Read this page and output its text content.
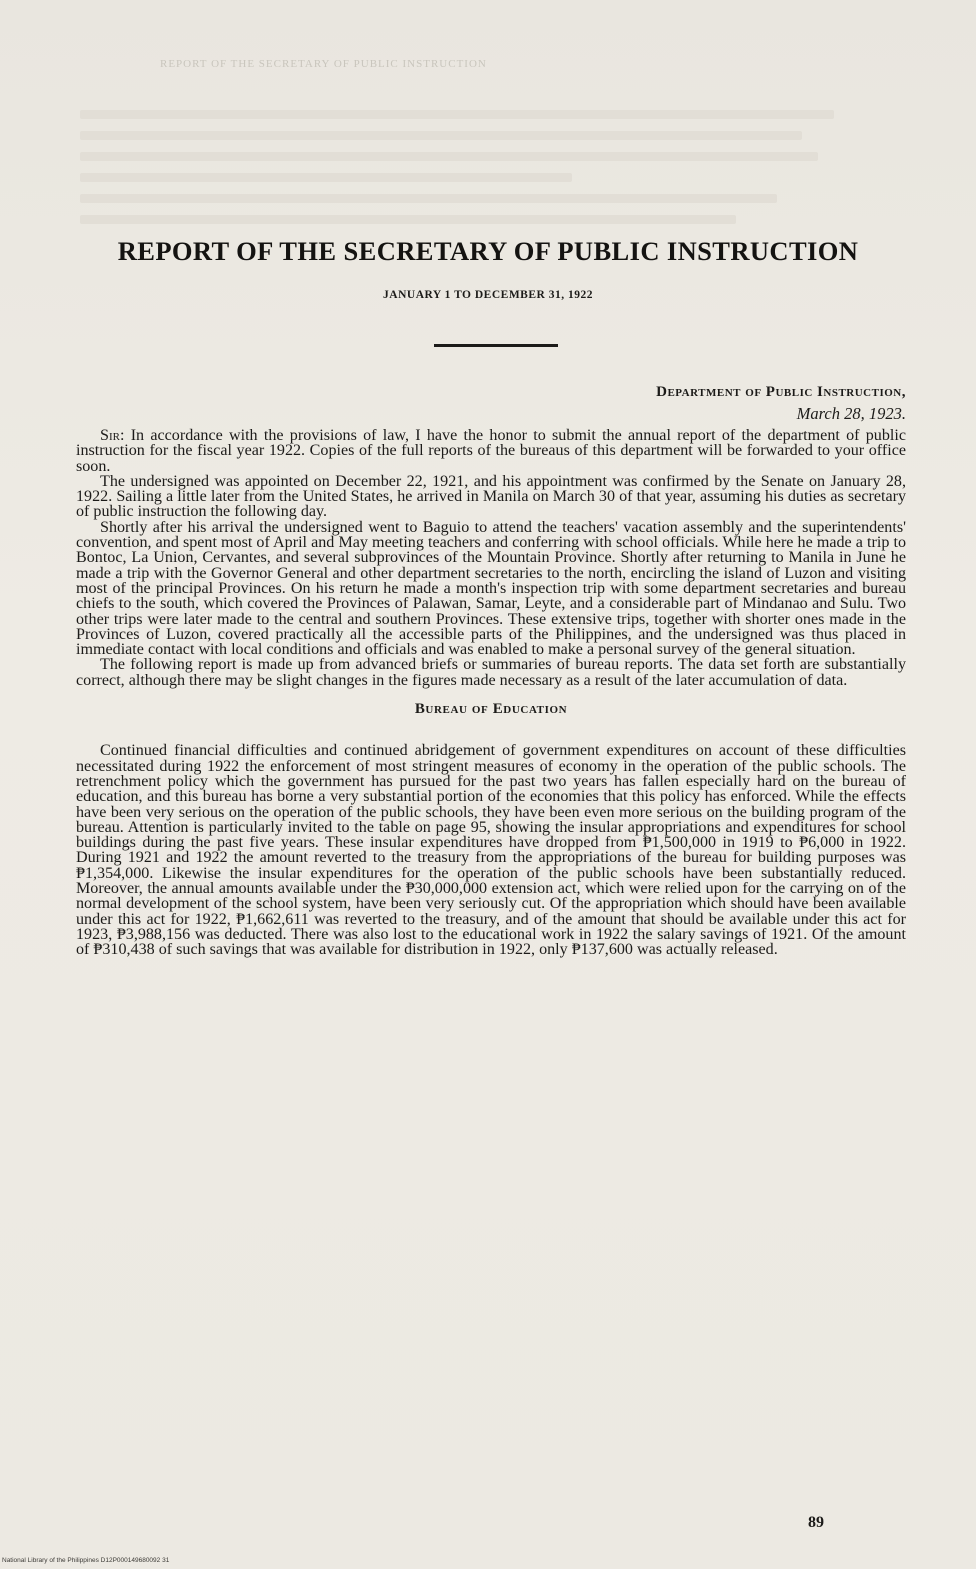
REPORT OF THE SECRETARY OF PUBLIC INSTRUCTION
REPORT OF THE SECRETARY OF PUBLIC INSTRUCTION
JANUARY 1 TO DECEMBER 31, 1922
Department of Public Instruction,
March 28, 1923.

Sir: In accordance with the provisions of law, I have the honor to submit the annual report of the department of public instruction for the fiscal year 1922. Copies of the full reports of the bureaus of this department will be forwarded to your office soon.

The undersigned was appointed on December 22, 1921, and his appointment was confirmed by the Senate on January 28, 1922. Sailing a little later from the United States, he arrived in Manila on March 30 of that year, assuming his duties as secretary of public instruction the following day.

Shortly after his arrival the undersigned went to Baguio to attend the teachers' vacation assembly and the superintendents' convention, and spent most of April and May meeting teachers and conferring with school officials. While here he made a trip to Bontoc, La Union, Cervantes, and several subprovinces of the Mountain Province. Shortly after returning to Manila in June he made a trip with the Governor General and other department secretaries to the north, encircling the island of Luzon and visiting most of the principal Provinces. On his return he made a month's inspection trip with some department secretaries and bureau chiefs to the south, which covered the Provinces of Palawan, Samar, Leyte, and a considerable part of Mindanao and Sulu. Two other trips were later made to the central and southern Provinces. These extensive trips, together with shorter ones made in the Provinces of Luzon, covered practically all the accessible parts of the Philippines, and the undersigned was thus placed in immediate contact with local conditions and officials and was enabled to make a personal survey of the general situation.

The following report is made up from advanced briefs or summaries of bureau reports. The data set forth are substantially correct, although there may be slight changes in the figures made necessary as a result of the later accumulation of data.

Bureau of Education

Continued financial difficulties and continued abridgement of government expenditures on account of these difficulties necessitated during 1922 the enforcement of most stringent measures of economy in the operation of the public schools. The retrenchment policy which the government has pursued for the past two years has fallen especially hard on the bureau of education, and this bureau has borne a very substantial portion of the economies that this policy has enforced. While the effects have been very serious on the operation of the public schools, they have been even more serious on the building program of the bureau. Attention is particularly invited to the table on page 95, showing the insular appropriations and expenditures for school buildings during the past five years. These insular expenditures have dropped from ₱1,500,000 in 1919 to ₱6,000 in 1922. During 1921 and 1922 the amount reverted to the treasury from the appropriations of the bureau for building purposes was ₱1,354,000. Likewise the insular expenditures for the operation of the public schools have been substantially reduced. Moreover, the annual amounts available under the ₱30,000,000 extension act, which were relied upon for the carrying on of the normal development of the school system, have been very seriously cut. Of the appropriation which should have been available under this act for 1922, ₱1,662,611 was reverted to the treasury, and of the amount that should be available under this act for 1923, ₱3,988,156 was deducted. There was also lost to the educational work in 1922 the salary savings of 1921. Of the amount of ₱310,438 of such savings that was available for distribution in 1922, only ₱137,600 was actually released.

89
National Library of the Philippines D12P000149680092 31
